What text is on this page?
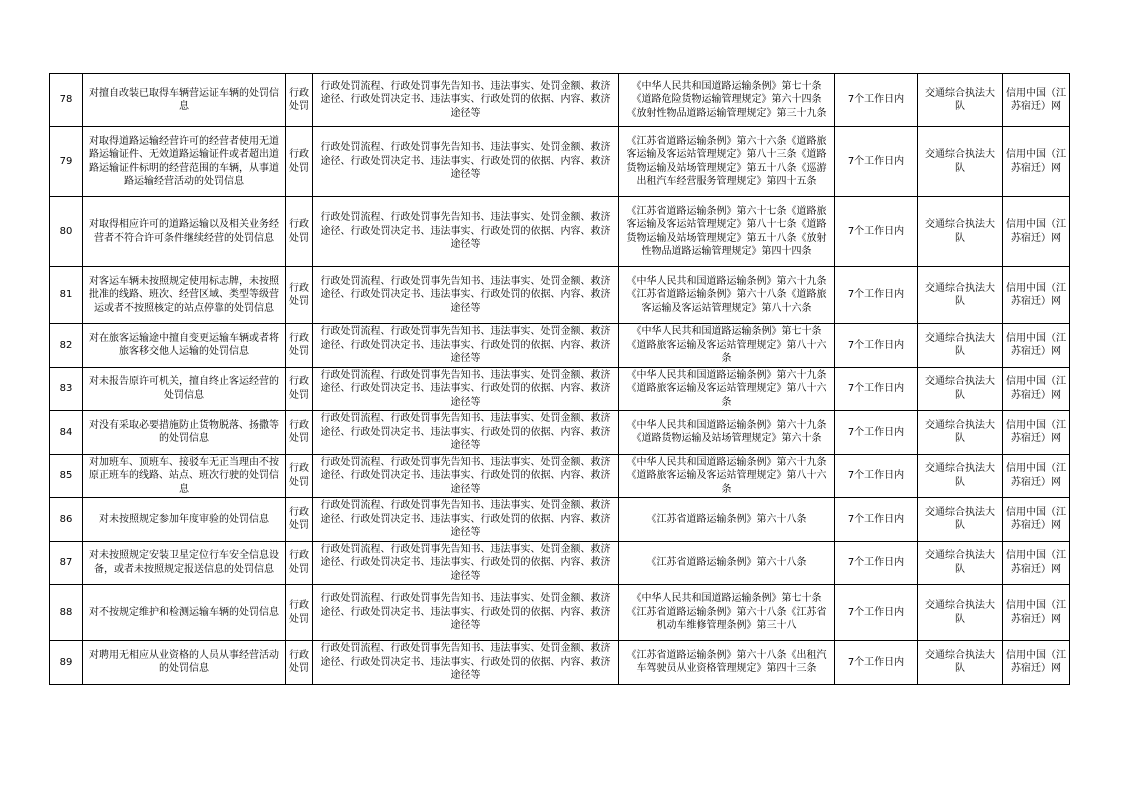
78	对擅自改装已取得车辆营运证车辆的处罚信息	行政处罚	行政处罚流程、行政处罚事先告知书、违法事实、处罚金额、救济途径、行政处罚决定书、违法事实、行政处罚的依据、内容、救济途径等	《中华人民共和国道路运输条例》第七十条《道路危险货物运输管理规定》第六十四条《放射性物品道路运输管理规定》第三十九条	7个工作日内	交通综合执法大队	信用中国（江苏宿迁）网
79	对取得道路运输经营许可的经营者使用无道路运输证件、无效道路运输证件或者超出道路运输证件标明的经营范围的车辆，从事道路运输经营活动的处罚信息	行政处罚	行政处罚流程、行政处罚事先告知书、违法事实、处罚金额、救济途径、行政处罚决定书、违法事实、行政处罚的依据、内容、救济途径等	《江苏省道路运输条例》第六十六条《道路旅客运输及客运站管理规定》第八十三条《道路货物运输及站场管理规定》第五十八条《巡游出租汽车经营服务管理规定》第四十五条	7个工作日内	交通综合执法大队	信用中国（江苏宿迁）网
80	对取得相应许可的道路运输以及相关业务经营者不符合许可条件继续经营的处罚信息	行政处罚	行政处罚流程、行政处罚事先告知书、违法事实、处罚金额、救济途径、行政处罚决定书、违法事实、行政处罚的依据、内容、救济途径等	《江苏省道路运输条例》第六十七条《道路旅客运输及客运站管理规定》第八十七条《道路货物运输及站场管理规定》第五十八条《放射性物品道路运输管理规定》第四十四条	7个工作日内	交通综合执法大队	信用中国（江苏宿迁）网
81	对客运车辆未按照规定使用标志牌，未按照批准的线路、班次、经营区域、类型等级营运或者不按照核定的站点停靠的处罚信息	行政处罚	行政处罚流程、行政处罚事先告知书、违法事实、处罚金额、救济途径、行政处罚决定书、违法事实、行政处罚的依据、内容、救济途径等	《中华人民共和国道路运输条例》第六十九条《江苏省道路运输条例》第六十八条《道路旅客运输及客运站管理规定》第八十六条	7个工作日内	交通综合执法大队	信用中国（江苏宿迁）网
82	对在旅客运输途中擅自变更运输车辆或者将旅客移交他人运输的处罚信息	行政处罚	行政处罚流程、行政处罚事先告知书、违法事实、处罚金额、救济途径、行政处罚决定书、违法事实、行政处罚的依据、内容、救济途径等	《中华人民共和国道路运输条例》第七十条《道路旅客运输及客运站管理规定》第八十六条	7个工作日内	交通综合执法大队	信用中国（江苏宿迁）网
83	对未报告原许可机关，擅自终止客运经营的处罚信息	行政处罚	行政处罚流程、行政处罚事先告知书、违法事实、处罚金额、救济途径、行政处罚决定书、违法事实、行政处罚的依据、内容、救济途径等	《中华人民共和国道路运输条例》第六十九条《道路旅客运输及客运站管理规定》第八十六条	7个工作日内	交通综合执法大队	信用中国（江苏宿迁）网
84	对没有采取必要措施防止货物脱落、扬撒等的处罚信息	行政处罚	行政处罚流程、行政处罚事先告知书、违法事实、处罚金额、救济途径、行政处罚决定书、违法事实、行政处罚的依据、内容、救济途径等	《中华人民共和国道路运输条例》第六十九条《道路货物运输及站场管理规定》第六十条	7个工作日内	交通综合执法大队	信用中国（江苏宿迁）网
85	对加班车、顶班车、接驳车无正当理由不按原正班车的线路、站点、班次行驶的处罚信息	行政处罚	行政处罚流程、行政处罚事先告知书、违法事实、处罚金额、救济途径、行政处罚决定书、违法事实、行政处罚的依据、内容、救济途径等	《中华人民共和国道路运输条例》第六十九条《道路旅客运输及客运站管理规定》第八十六条	7个工作日内	交通综合执法大队	信用中国（江苏宿迁）网
86	对未按照规定参加年度审验的处罚信息	行政处罚	行政处罚流程、行政处罚事先告知书、违法事实、处罚金额、救济途径、行政处罚决定书、违法事实、行政处罚的依据、内容、救济途径等	《江苏省道路运输条例》第六十八条	7个工作日内	交通综合执法大队	信用中国（江苏宿迁）网
87	对未按照规定安装卫星定位行车安全信息设备，或者未按照规定报送信息的处罚信息	行政处罚	行政处罚流程、行政处罚事先告知书、违法事实、处罚金额、救济途径、行政处罚决定书、违法事实、行政处罚的依据、内容、救济途径等	《江苏省道路运输条例》第六十八条	7个工作日内	交通综合执法大队	信用中国（江苏宿迁）网
88	对不按规定维护和检测运输车辆的处罚信息	行政处罚	行政处罚流程、行政处罚事先告知书、违法事实、处罚金额、救济途径、行政处罚决定书、违法事实、行政处罚的依据、内容、救济途径等	《中华人民共和国道路运输条例》第七十条《江苏省道路运输条例》第六十八条《江苏省机动车维修管理条例》第三十八	7个工作日内	交通综合执法大队	信用中国（江苏宿迁）网
89	对聘用无相应从业资格的人员从事经营活动的处罚信息	行政处罚	行政处罚流程、行政处罚事先告知书、违法事实、处罚金额、救济途径、行政处罚决定书、违法事实、行政处罚的依据、内容、救济途径等	《江苏省道路运输条例》第六十八条《出租汽车驾驶员从业资格管理规定》第四十三条	7个工作日内	交通综合执法大队	信用中国（江苏宿迁）网
